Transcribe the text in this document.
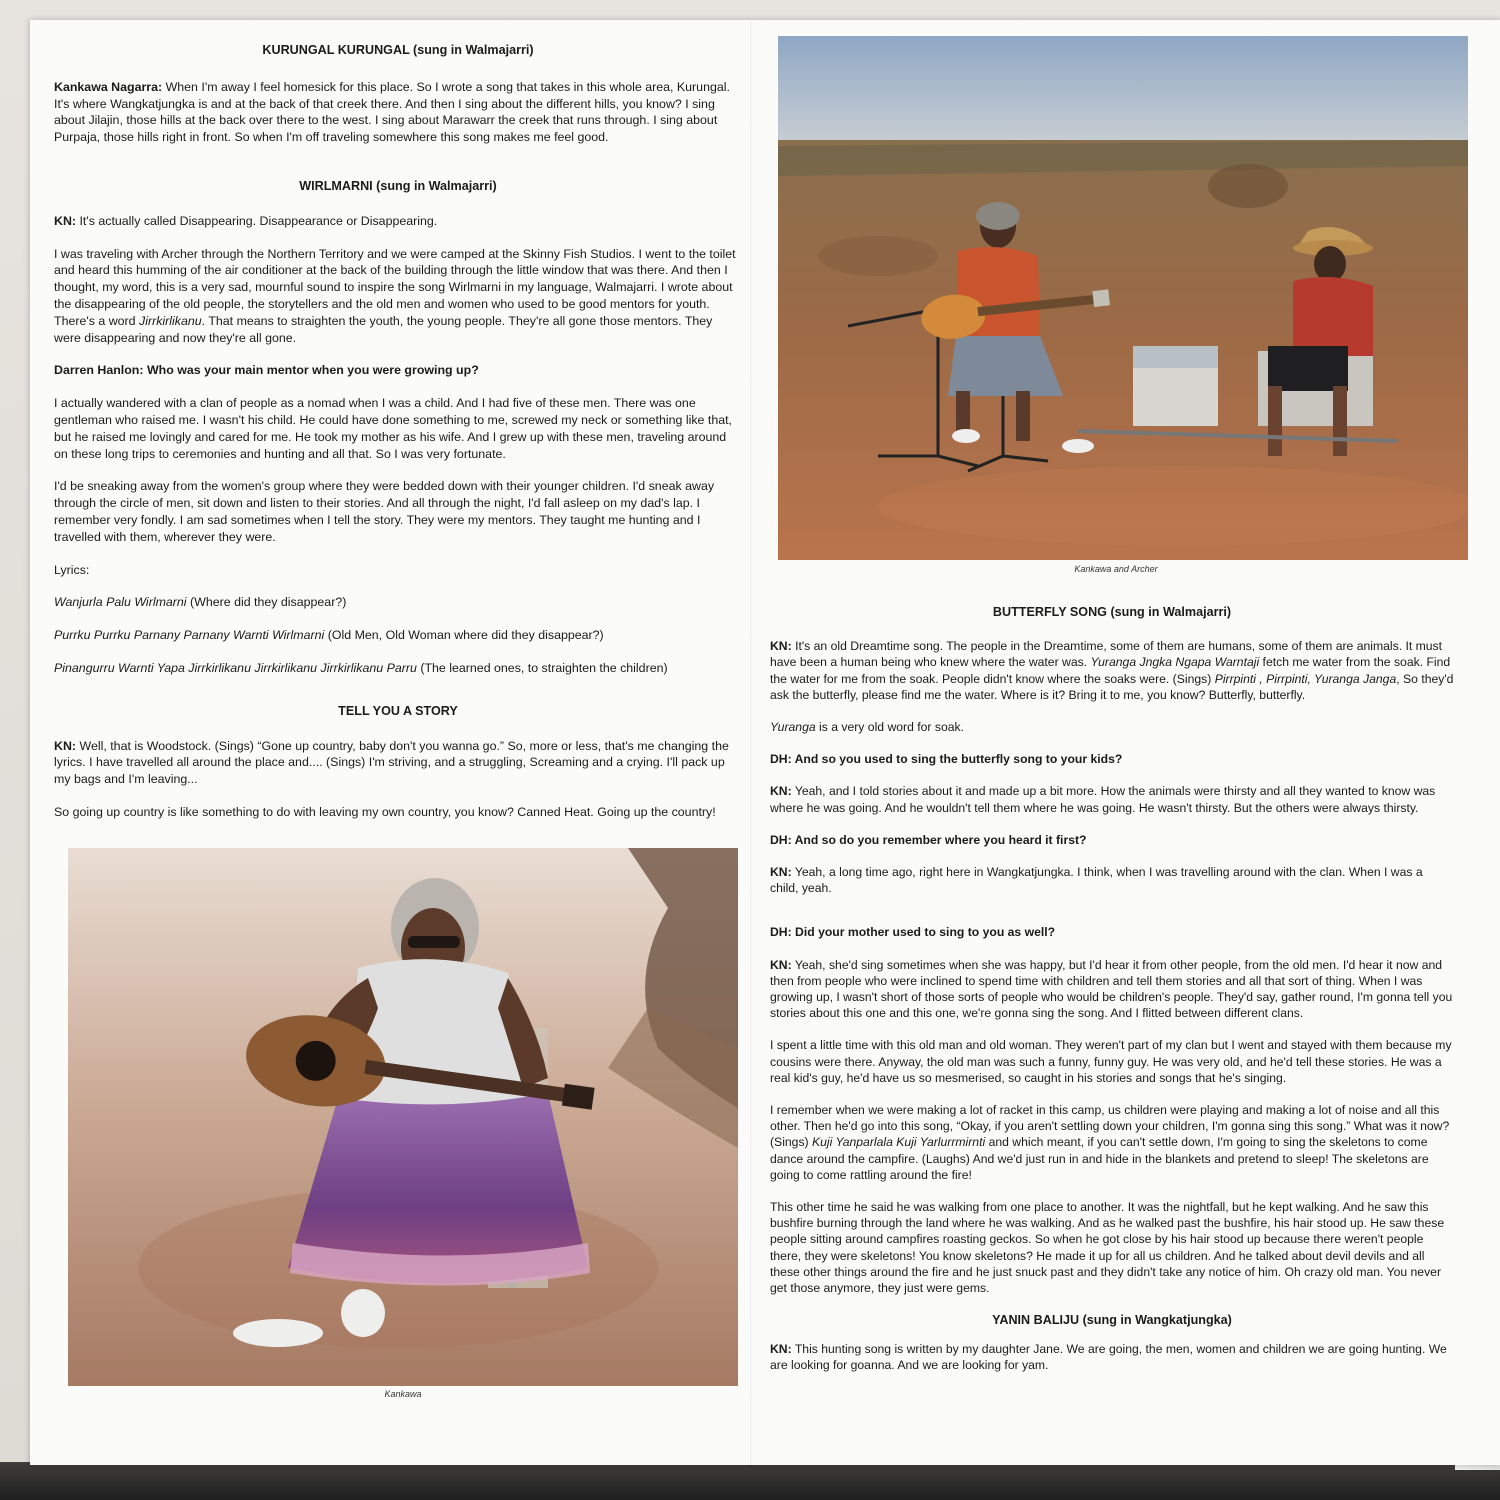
KURUNGAL KURUNGAL (sung in Walmajarri)

Kankawa Nagarra: When I'm away I feel homesick for this place. So I wrote a song that takes in this whole area, Kurungal. It's where Wangkatjungka is and at the back of that creek there. And then I sing about the different hills, you know? I sing about Jilajin, those hills at the back over there to the west. I sing about Marawarr the creek that runs through. I sing about Purpaja, those hills right in front. So when I'm off traveling somewhere this song makes me feel good.

WIRLMARNI (sung in Walmajarri)

KN: It's actually called Disappearing. Disappearance or Disappearing.

I was traveling with Archer through the Northern Territory and we were camped at the Skinny Fish Studios. I went to the toilet and heard this humming of the air conditioner at the back of the building through the little window that was there. And then I thought, my word, this is a very sad, mournful sound to inspire the song Wirlmarni in my language, Walmajarri. I wrote about the disappearing of the old people, the storytellers and the old men and women who used to be good mentors for youth. There's a word Jirrkirlikanu. That means to straighten the youth, the young people. They're all gone those mentors. They were disappearing and now they're all gone.

Darren Hanlon: Who was your main mentor when you were growing up?

I actually wandered with a clan of people as a nomad when I was a child. And I had five of these men. There was one gentleman who raised me. I wasn't his child. He could have done something to me, screwed my neck or something like that, but he raised me lovingly and cared for me. He took my mother as his wife. And I grew up with these men, traveling around on these long trips to ceremonies and hunting and all that. So I was very fortunate.

I'd be sneaking away from the women's group where they were bedded down with their younger children. I'd sneak away through the circle of men, sit down and listen to their stories. And all through the night, I'd fall asleep on my dad's lap. I remember very fondly. I am sad sometimes when I tell the story. They were my mentors. They taught me hunting and I travelled with them, wherever they were.

Lyrics:

Wanjurla Palu Wirlmarni (Where did they disappear?)

Purrku Purrku Parnany Parnany Warnti Wirlmarni (Old Men, Old Woman where did they disappear?)

Pinangurru Warnti Yapa Jirrkirlikanu Jirrkirlikanu Jirrkirlikanu Parru (The learned ones, to straighten the children)

TELL YOU A STORY

KN: Well, that is Woodstock. (Sings) “Gone up country, baby don't you wanna go.” So, more or less, that's me changing the lyrics. I have travelled all around the place and.... (Sings) I'm striving, and a struggling, Screaming and a crying. I'll pack up my bags and I'm leaving...

So going up country is like something to do with leaving my own country, you know? Canned Heat. Going up the country!

Kankawa
Kankawa and Archer
BUTTERFLY SONG (sung in Walmajarri)

KN: It's an old Dreamtime song. The people in the Dreamtime, some of them are humans, some of them are animals. It must have been a human being who knew where the water was. Yuranga Jngka Ngapa Warntaji fetch me water from the soak. Find the water for me from the soak. People didn't know where the soaks were. (Sings) Pirrpinti , Pirrpinti, Yuranga Janga, So they'd ask the butterfly, please find me the water. Where is it? Bring it to me, you know? Butterfly, butterfly.

Yuranga is a very old word for soak.

DH: And so you used to sing the butterfly song to your kids?

KN: Yeah, and I told stories about it and made up a bit more. How the animals were thirsty and all they wanted to know was where he was going. And he wouldn't tell them where he was going. He wasn't thirsty. But the others were always thirsty.

DH: And so do you remember where you heard it first?

KN: Yeah, a long time ago, right here in Wangkatjungka. I think, when I was travelling around with the clan. When I was a child, yeah.

DH: Did your mother used to sing to you as well?

KN: Yeah, she'd sing sometimes when she was happy, but I'd hear it from other people, from the old men. I'd hear it now and then from people who were inclined to spend time with children and tell them stories and all that sort of thing. When I was growing up, I wasn't short of those sorts of people who would be children's people. They'd say, gather round, I'm gonna tell you stories about this one and this one, we're gonna sing the song. And I flitted between different clans.

I spent a little time with this old man and old woman. They weren't part of my clan but I went and stayed with them because my cousins were there. Anyway, the old man was such a funny, funny guy. He was very old, and he'd tell these stories. He was a real kid's guy, he'd have us so mesmerised, so caught in his stories and songs that he's singing.

I remember when we were making a lot of racket in this camp, us children were playing and making a lot of noise and all this other. Then he'd go into this song, “Okay, if you aren't settling down your children, I'm gonna sing this song.” What was it now? (Sings) Kuji Yanparlala Kuji Yarlurrmirnti and which meant, if you can't settle down, I'm going to sing the skeletons to come dance around the campfire. (Laughs) And we'd just run in and hide in the blankets and pretend to sleep! The skeletons are going to come rattling around the fire!

This other time he said he was walking from one place to another. It was the nightfall, but he kept walking. And he saw this bushfire burning through the land where he was walking. And as he walked past the bushfire, his hair stood up. He saw these people sitting around campfires roasting geckos. So when he got close by his hair stood up because there weren't people there, they were skeletons! You know skeletons? He made it up for all us children. And he talked about devil devils and all these other things around the fire and he just snuck past and they didn't take any notice of him. Oh crazy old man. You never get those anymore, they just were gems.

YANIN BALIJU (sung in Wangkatjungka)

KN: This hunting song is written by my daughter Jane. We are going, the men, women and children we are going hunting. We are looking for goanna. And we are looking for yam.
